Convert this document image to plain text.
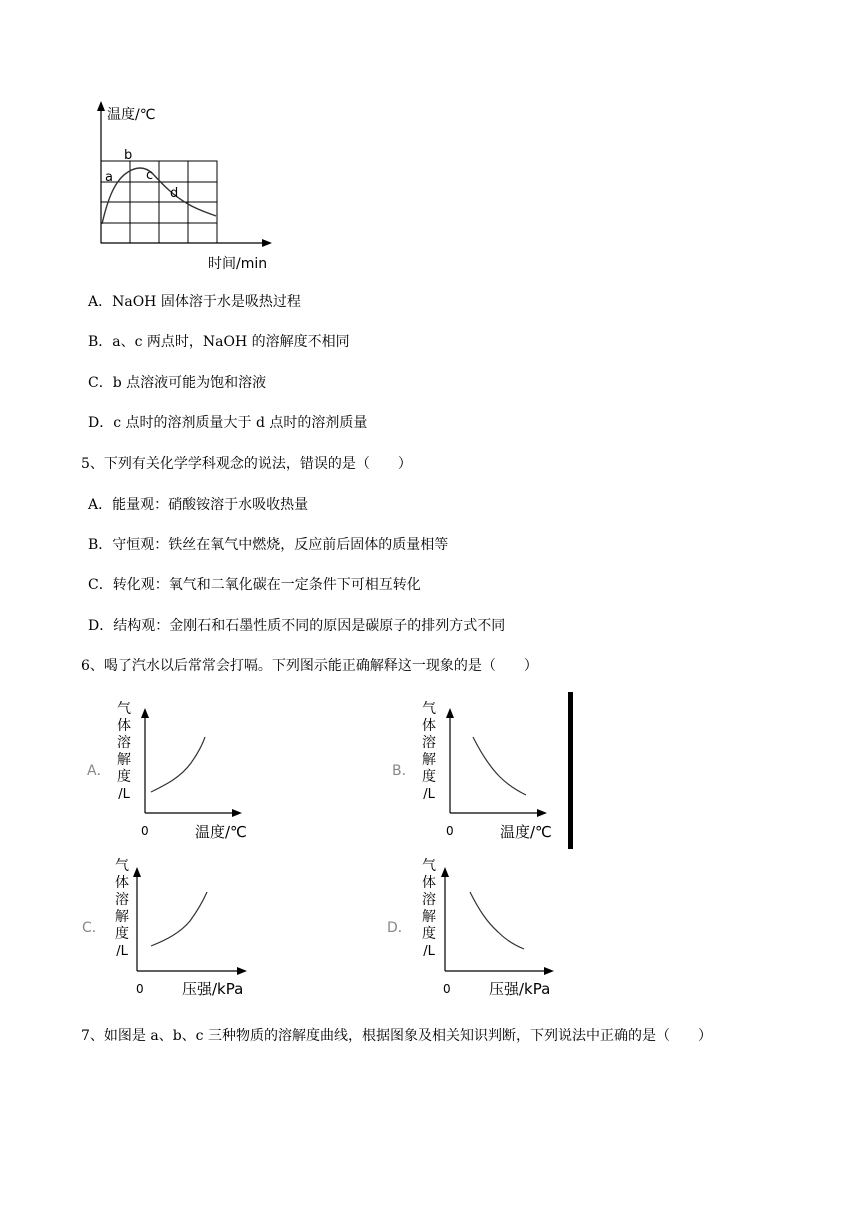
a
b
c
d
温度/℃
时间/min
A．NaOH 固体溶于水是吸热过程
B．a、c 两点时，NaOH 的溶解度不相同
C．b 点溶液可能为饱和溶液
D．c 点时的溶剂质量大于 d 点时的溶剂质量
5、下列有关化学学科观念的说法，错误的是（　　）
A．能量观：硝酸铵溶于水吸收热量
B．守恒观：铁丝在氧气中燃烧，反应前后固体的质量相等
C．转化观：氧气和二氧化碳在一定条件下可相互转化
D．结构观：金刚石和石墨性质不同的原因是碳原子的排列方式不同
6、喝了汽水以后常常会打嗝。下列图示能正确解释这一现象的是（　　）
A．
气
体
溶
解
度
/L
0	温度/℃
B．
气
体
溶
解
度
/L
0	温度/℃
C．
气
体
溶
解
度
/L
0	压强/kPa
D．
气
体
溶
解
度
/L
0	压强/kPa
7、如图是 a、b、c 三种物质的溶解度曲线，根据图象及相关知识判断，下列说法中正确的是（　　）
